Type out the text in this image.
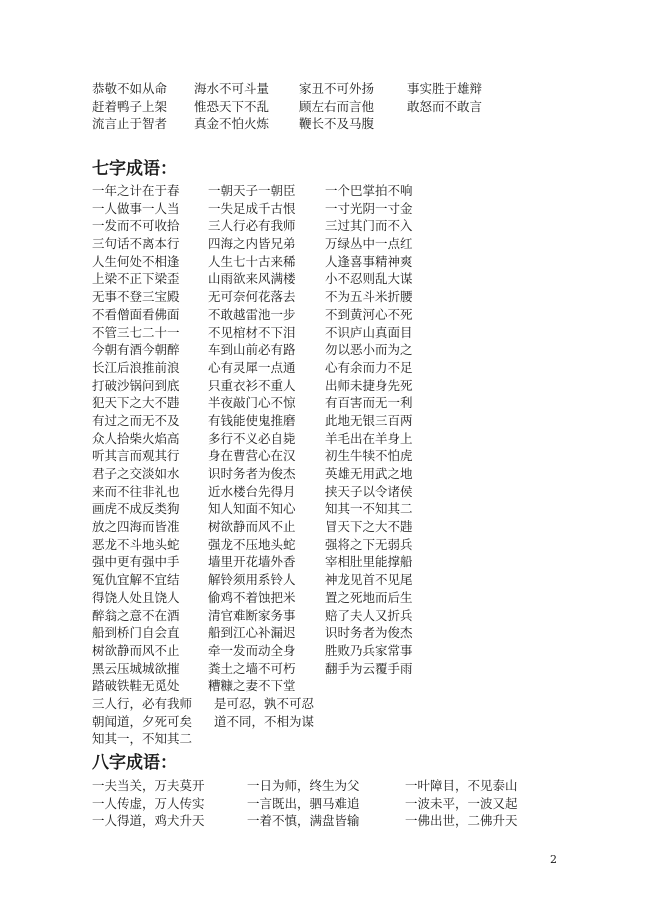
恭敬不如从命	海水不可斗量	家丑不可外扬	事实胜于雄辩
赶着鸭子上架	惟恐天下不乱	顾左右而言他	敢怒而不敢言
流言止于智者	真金不怕火炼	鞭长不及马腹
七字成语：
一年之计在于春	一朝天子一朝臣	一个巴掌拍不响
一人做事一人当	一失足成千古恨	一寸光阴一寸金
一发而不可收拾	三人行必有我师	三过其门而不入
三句话不离本行	四海之内皆兄弟	万绿丛中一点红
人生何处不相逢	人生七十古来稀	人逢喜事精神爽
上梁不正下梁歪	山雨欲来风满楼	小不忍则乱大谋
无事不登三宝殿	无可奈何花落去	不为五斗米折腰
不看僧面看佛面	不敢越雷池一步	不到黄河心不死
不管三七二十一	不见棺材不下泪	不识庐山真面目
今朝有酒今朝醉	车到山前必有路	勿以恶小而为之
长江后浪推前浪	心有灵犀一点通	心有余而力不足
打破沙锅问到底	只重衣衫不重人	出师未捷身先死
犯天下之大不韪	半夜敲门心不惊	有百害而无一利
有过之而无不及	有钱能使鬼推磨	此地无银三百两
众人拾柴火焰高	多行不义必自毙	羊毛出在羊身上
听其言而观其行	身在曹营心在汉	初生牛犊不怕虎
君子之交淡如水	识时务者为俊杰	英雄无用武之地
来而不往非礼也	近水楼台先得月	挟天子以令诸侯
画虎不成反类狗	知人知面不知心	知其一不知其二
放之四海而皆准	树欲静而风不止	冒天下之大不韪
恶龙不斗地头蛇	强龙不压地头蛇	强将之下无弱兵
强中更有强中手	墙里开花墙外香	宰相肚里能撑船
冤仇宜解不宜结	解铃须用系铃人	神龙见首不见尾
得饶人处且饶人	偷鸡不着蚀把米	置之死地而后生
醉翁之意不在酒	清官难断家务事	赔了夫人又折兵
船到桥门自会直	船到江心补漏迟	识时务者为俊杰
树欲静而风不止	牵一发而动全身	胜败乃兵家常事
黑云压城城欲摧	粪土之墙不可朽	翻手为云覆手雨
踏破铁鞋无觅处	糟糠之妻不下堂
三人行，必有我师	是可忍，孰不可忍
朝闻道，夕死可矣	道不同，不相为谋
知其一，不知其二
八字成语：
一夫当关，万夫莫开	一日为师，终生为父	一叶障目，不见泰山
一人传虚，万人传实	一言既出，驷马难追	一波未平，一波又起
一人得道，鸡犬升天	一着不慎，满盘皆输	一佛出世，二佛升天
2
